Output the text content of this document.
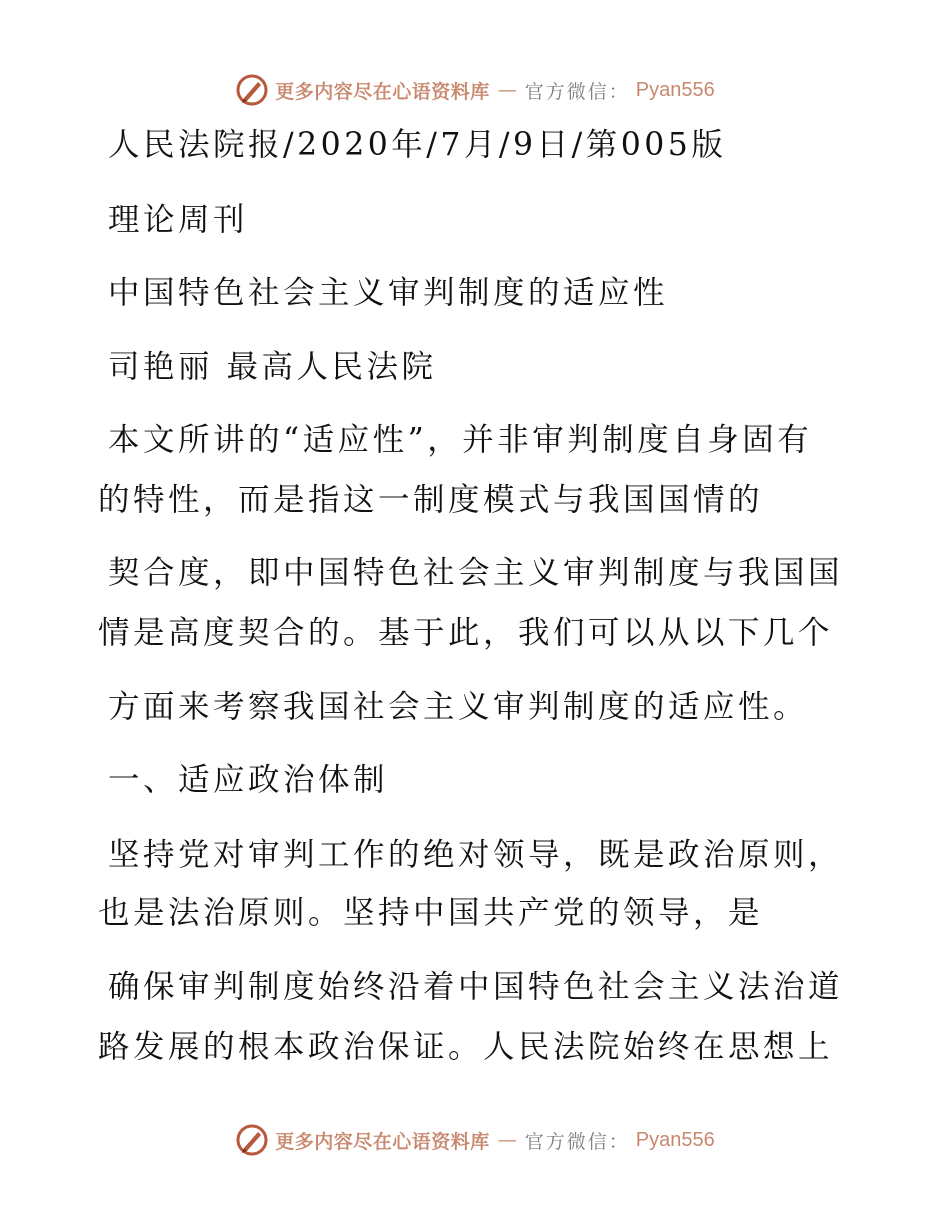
更多内容尽在心语资料库 — 官方微信： Pyan556
人民法院报/2020年/7月/9日/第005版
理论周刊
中国特色社会主义审判制度的适应性
司艳丽 最高人民法院
本文所讲的“适应性”，并非审判制度自身固有
的特性，而是指这一制度模式与我国国情的
契合度，即中国特色社会主义审判制度与我国国
情是高度契合的。基于此，我们可以从以下几个
方面来考察我国社会主义审判制度的适应性。
一、适应政治体制
坚持党对审判工作的绝对领导，既是政治原则，
也是法治原则。坚持中国共产党的领导，是
确保审判制度始终沿着中国特色社会主义法治道
路发展的根本政治保证。人民法院始终在思想上
更多内容尽在心语资料库 — 官方微信： Pyan556
